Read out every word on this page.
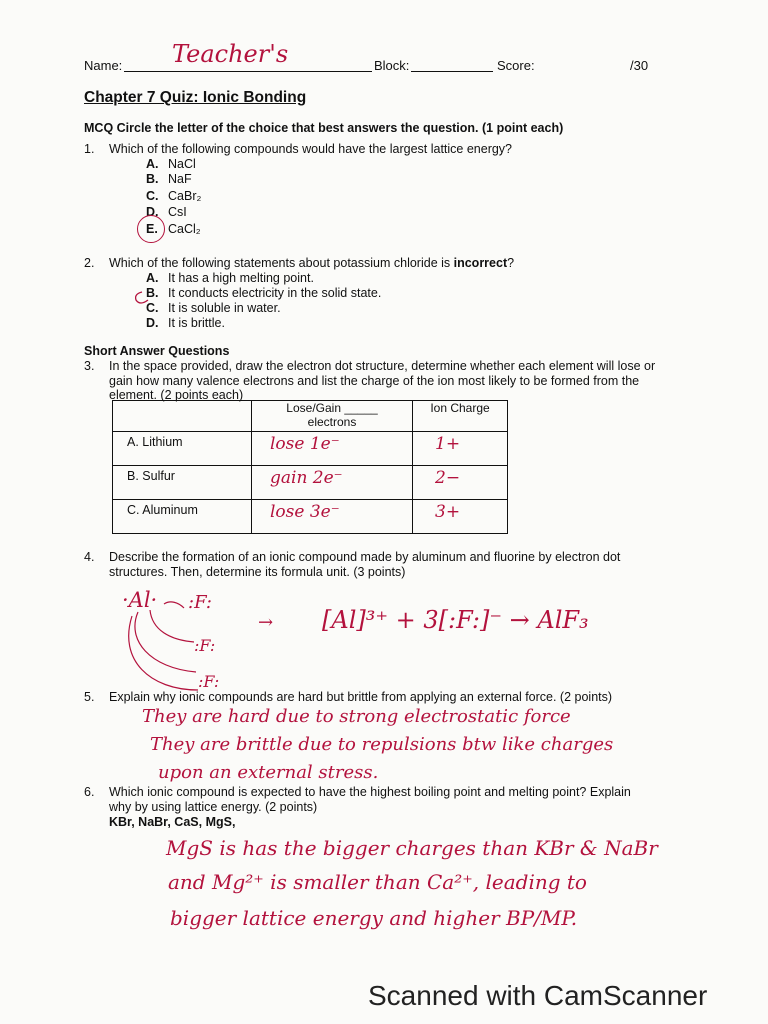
Name: Teacher's	Block:	Score:	/30
Chapter 7 Quiz: Ionic Bonding
MCQ Circle the letter of the choice that best answers the question. (1 point each)
1. Which of the following compounds would have the largest lattice energy?
A. NaCl
B. NaF
C. CaBr₂
D. CsI
E. CaCl₂
2. Which of the following statements about potassium chloride is incorrect?
A. It has a high melting point.
B. It conducts electricity in the solid state.
C. It is soluble in water.
D. It is brittle.
Short Answer Questions
3. In the space provided, draw the electron dot structure, determine whether each element will lose or
gain how many valence electrons and list the charge of the ion most likely to be formed from the
element. (2 points each)

	Lose/Gain _____
electrons	Ion Charge

A. Lithium	lose 1e⁻	1+
B. Sulfur	gain 2e⁻	2−
C. Aluminum	lose 3e⁻	3+
4. Describe the formation of an ionic compound made by aluminum and fluorine by electron dot
structures. Then, determine its formula unit. (3 points)
·Al· :F:
:F:
:F:
→ [Al]³⁺ + 3[:F:]⁻ → AlF₃
5. Explain why ionic compounds are hard but brittle from applying an external force. (2 points)
They are hard due to strong electrostatic force
They are brittle due to repulsions btw like charges
upon an external stress.
6. Which ionic compound is expected to have the highest boiling point and melting point? Explain
why by using lattice energy. (2 points)
KBr, NaBr, CaS, MgS,
MgS is has the bigger charges than KBr & NaBr
and Mg²⁺ is smaller than Ca²⁺, leading to
bigger lattice energy and higher BP/MP.
Scanned with CamScanner
